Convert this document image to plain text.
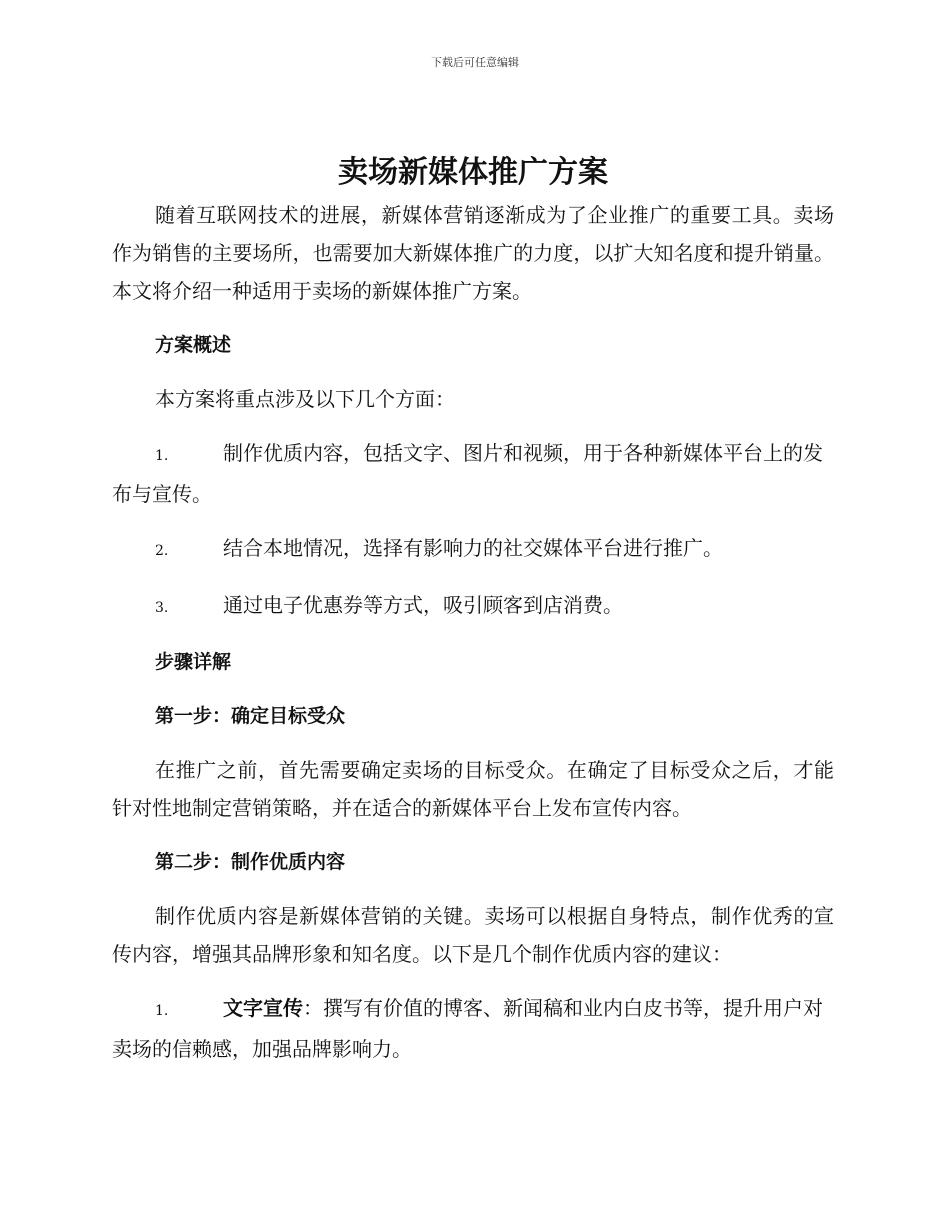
下载后可任意编辑
卖场新媒体推广方案

随着互联网技术的进展，新媒体营销逐渐成为了企业推广的重要工具。卖场作为销售的主要场所，也需要加大新媒体推广的力度，以扩大知名度和提升销量。本文将介绍一种适用于卖场的新媒体推广方案。

方案概述

本方案将重点涉及以下几个方面：

1.	制作优质内容，包括文字、图片和视频，用于各种新媒体平台上的发布与宣传。

2.	结合本地情况，选择有影响力的社交媒体平台进行推广。

3.	通过电子优惠券等方式，吸引顾客到店消费。

步骤详解

第一步：确定目标受众

在推广之前，首先需要确定卖场的目标受众。在确定了目标受众之后，才能针对性地制定营销策略，并在适合的新媒体平台上发布宣传内容。

第二步：制作优质内容

制作优质内容是新媒体营销的关键。卖场可以根据自身特点，制作优秀的宣传内容，增强其品牌形象和知名度。以下是几个制作优质内容的建议：

1.	文字宣传：撰写有价值的博客、新闻稿和业内白皮书等，提升用户对卖场的信赖感，加强品牌影响力。
